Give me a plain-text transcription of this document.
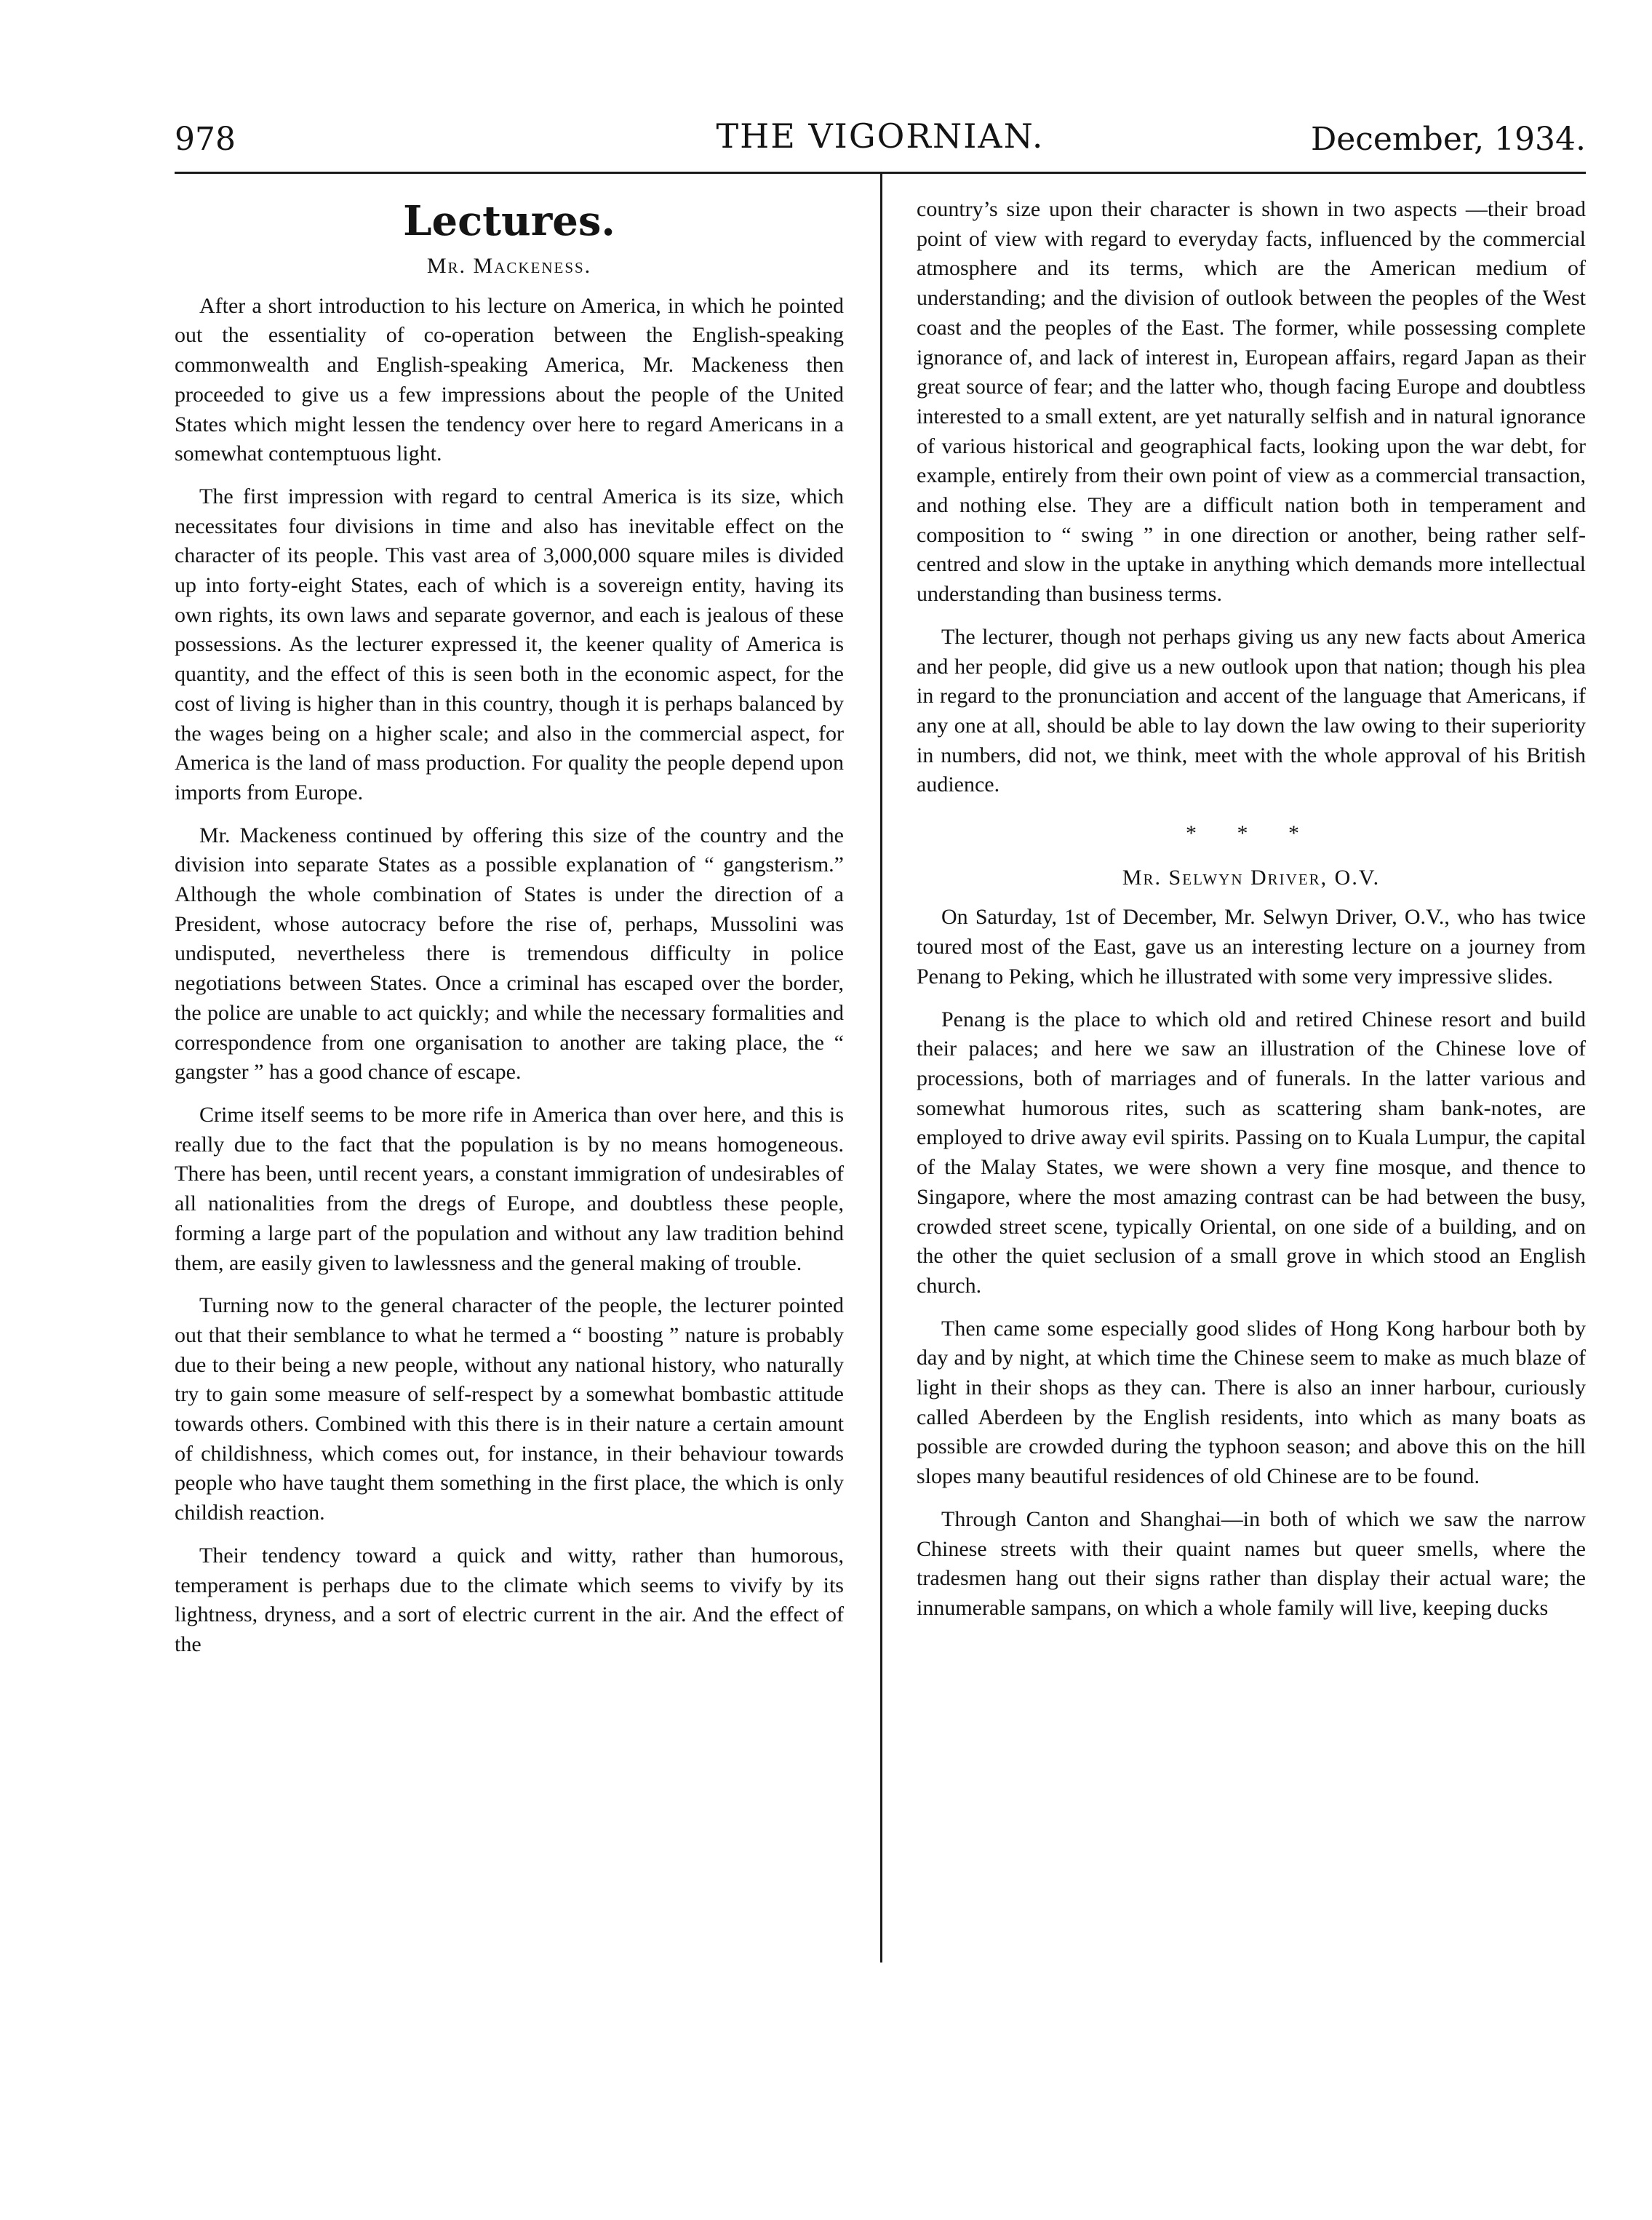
978	THE VIGORNIAN.	December, 1934.
Lectures.
Mr. Mackeness.

After a short introduction to his lecture on America, in which he pointed out the essentiality of co-operation between the English-speaking commonwealth and English-speaking America, Mr. Mackeness then proceeded to give us a few impressions about the people of the United States which might lessen the tendency over here to regard Americans in a somewhat contemptuous light.

The first impression with regard to central America is its size, which necessitates four divisions in time and also has inevitable effect on the character of its people. This vast area of 3,000,000 square miles is divided up into forty-eight States, each of which is a sovereign entity, having its own rights, its own laws and separate governor, and each is jealous of these possessions. As the lecturer expressed it, the keener quality of America is quantity, and the effect of this is seen both in the economic aspect, for the cost of living is higher than in this country, though it is perhaps balanced by the wages being on a higher scale; and also in the commercial aspect, for America is the land of mass production. For quality the people depend upon imports from Europe.

Mr. Mackeness continued by offering this size of the country and the division into separate States as a possible explanation of “ gangsterism.” Although the whole combination of States is under the direction of a President, whose autocracy before the rise of, perhaps, Mussolini was undisputed, nevertheless there is tremendous difficulty in police negotiations between States. Once a criminal has escaped over the border, the police are unable to act quickly; and while the necessary formalities and correspondence from one organisation to another are taking place, the “ gangster ” has a good chance of escape.

Crime itself seems to be more rife in America than over here, and this is really due to the fact that the population is by no means homogeneous. There has been, until recent years, a constant immigration of undesirables of all nationalities from the dregs of Europe, and doubtless these people, forming a large part of the population and without any law tradition behind them, are easily given to lawlessness and the general making of trouble.

Turning now to the general character of the people, the lecturer pointed out that their semblance to what he termed a “ boosting ” nature is probably due to their being a new people, without any national history, who naturally try to gain some measure of self-respect by a somewhat bombastic attitude towards others. Combined with this there is in their nature a certain amount of childishness, which comes out, for instance, in their behaviour towards people who have taught them something in the first place, the which is only childish reaction.

Their tendency toward a quick and witty, rather than humorous, temperament is perhaps due to the climate which seems to vivify by its lightness, dryness, and a sort of electric current in the air. And the effect of the

country’s size upon their character is shown in two aspects —their broad point of view with regard to everyday facts, influenced by the commercial atmosphere and its terms, which are the American medium of understanding; and the division of outlook between the peoples of the West coast and the peoples of the East. The former, while possessing complete ignorance of, and lack of interest in, European affairs, regard Japan as their great source of fear; and the latter who, though facing Europe and doubtless interested to a small extent, are yet naturally selfish and in natural ignorance of various historical and geographical facts, looking upon the war debt, for example, entirely from their own point of view as a commercial transaction, and nothing else. They are a difficult nation both in temperament and composition to “ swing ” in one direction or another, being rather self-centred and slow in the uptake in anything which demands more intellectual understanding than business terms.

The lecturer, though not perhaps giving us any new facts about America and her people, did give us a new outlook upon that nation; though his plea in regard to the pronunciation and accent of the language that Americans, if any one at all, should be able to lay down the law owing to their superiority in numbers, did not, we think, meet with the whole approval of his British audience.

* * *
Mr. Selwyn Driver, O.V.

On Saturday, 1st of December, Mr. Selwyn Driver, O.V., who has twice toured most of the East, gave us an interesting lecture on a journey from Penang to Peking, which he illustrated with some very impressive slides.

Penang is the place to which old and retired Chinese resort and build their palaces; and here we saw an illustration of the Chinese love of processions, both of marriages and of funerals. In the latter various and somewhat humorous rites, such as scattering sham bank-notes, are employed to drive away evil spirits. Passing on to Kuala Lumpur, the capital of the Malay States, we were shown a very fine mosque, and thence to Singapore, where the most amazing contrast can be had between the busy, crowded street scene, typically Oriental, on one side of a building, and on the other the quiet seclusion of a small grove in which stood an English church.

Then came some especially good slides of Hong Kong harbour both by day and by night, at which time the Chinese seem to make as much blaze of light in their shops as they can. There is also an inner harbour, curiously called Aberdeen by the English residents, into which as many boats as possible are crowded during the typhoon season; and above this on the hill slopes many beautiful residences of old Chinese are to be found.

Through Canton and Shanghai—in both of which we saw the narrow Chinese streets with their quaint names but queer smells, where the tradesmen hang out their signs rather than display their actual ware; the innumerable sampans, on which a whole family will live, keeping ducks
